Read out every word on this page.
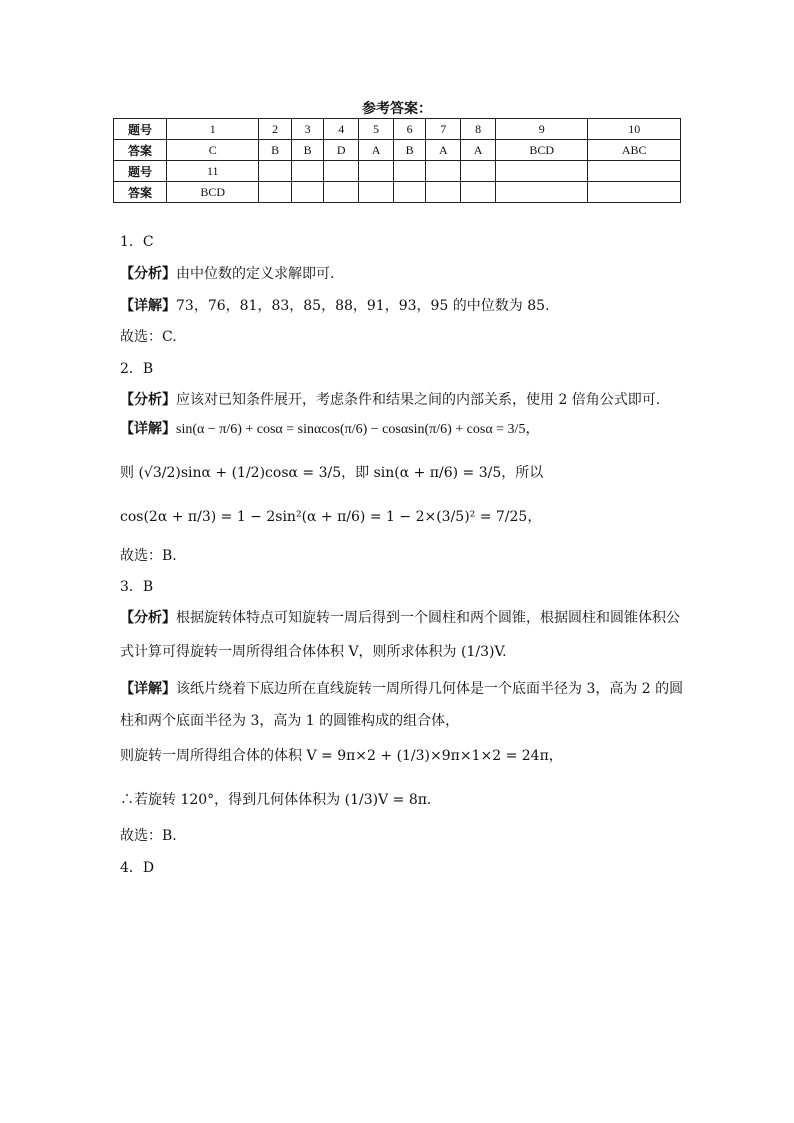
参考答案：
题号	1	2	3	4	5	6	7	8	9	10
答案	C	B	B	D	A	B	A	A	BCD	ABC
题号	11									
答案	BCD									
1．C
【分析】由中位数的定义求解即可.
【详解】73，76，81，83，85，88，91，93，95 的中位数为 85.
故选：C.
2．B
【分析】应该对已知条件展开，考虑条件和结果之间的内部关系，使用 2 倍角公式即可.
【详解】sin(α − π/6) + cosα = sinαcos(π/6) − cosαsin(π/6) + cosα = 3/5，
则 (√3/2)sinα + (1/2)cosα = 3/5，即 sin(α + π/6) = 3/5，所以
cos(2α + π/3) = 1 − 2sin²(α + π/6) = 1 − 2×(3/5)² = 7/25，
故选：B.
3．B
【分析】根据旋转体特点可知旋转一周后得到一个圆柱和两个圆锥，根据圆柱和圆锥体积公
式计算可得旋转一周所得组合体体积 V，则所求体积为 (1/3)V.
【详解】该纸片绕着下底边所在直线旋转一周所得几何体是一个底面半径为 3，高为 2 的圆
柱和两个底面半径为 3，高为 1 的圆锥构成的组合体，
则旋转一周所得组合体的体积 V = 9π×2 + (1/3)×9π×1×2 = 24π，
∴若旋转 120°，得到几何体体积为 (1/3)V = 8π.
故选：B.
4．D
